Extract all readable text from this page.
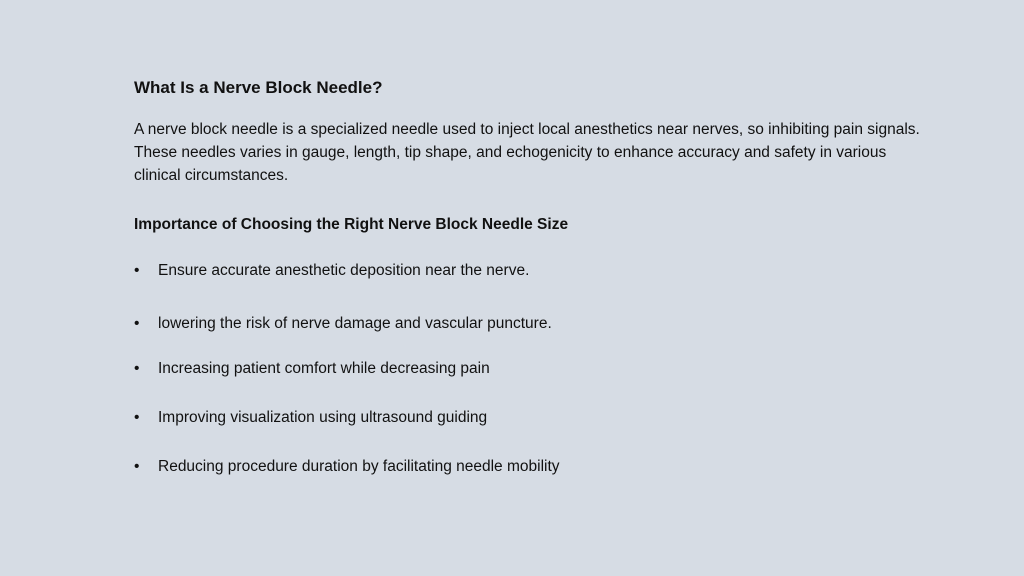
What Is a Nerve Block Needle?

A nerve block needle is a specialized needle used to inject local anesthetics near nerves, so inhibiting pain signals. These needles varies in gauge, length, tip shape, and echogenicity to enhance accuracy and safety in various clinical circumstances.

Importance of Choosing the Right Nerve Block Needle Size
• Ensure accurate anesthetic deposition near the nerve.
• lowering the risk of nerve damage and vascular puncture.
• Increasing patient comfort while decreasing pain
• Improving visualization using ultrasound guiding
• Reducing procedure duration by facilitating needle mobility
